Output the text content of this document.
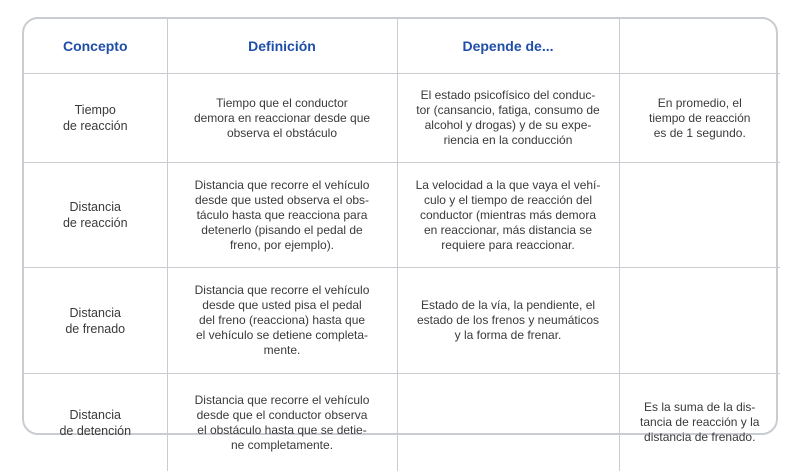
Concepto	Definición	Depende de...	

Tiempo
de reacción	Tiempo que el conductor
demora en reaccionar desde que
observa el obstáculo	El estado psicofísico del conduc-
tor (cansancio, fatiga, consumo de
alcohol y drogas) y de su expe-
riencia en la conducción	En promedio, el
tiempo de reacción
es de 1 segundo.

Distancia
de reacción	Distancia que recorre el vehículo
desde que usted observa el obs-
táculo hasta que reacciona para
detenerlo (pisando el pedal de
freno, por ejemplo).	La velocidad a la que vaya el vehí-
culo y el tiempo de reacción del
conductor (mientras más demora
en reaccionar, más distancia se
requiere para reaccionar.	

Distancia
de frenado	Distancia que recorre el vehículo
desde que usted pisa el pedal
del freno (reacciona) hasta que
el vehículo se detiene completa-
mente.	Estado de la vía, la pendiente, el
estado de los frenos y neumáticos
y la forma de frenar.	

Distancia
de detención	Distancia que recorre el vehículo
desde que el conductor observa
el obstáculo hasta que se detie-
ne completamente.		Es la suma de la dis-
tancia de reacción y la
distancia de frenado.
